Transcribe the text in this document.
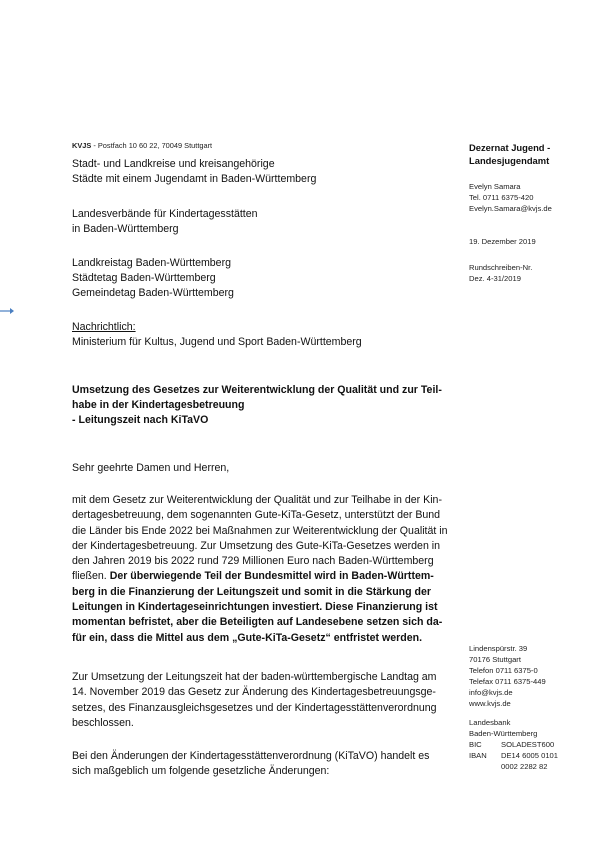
KVJS - Postfach 10 60 22, 70049 Stuttgart
Stadt- und Landkreise und kreisangehörige
Städte mit einem Jugendamt in Baden-Württemberg
Landesverbände für Kindertagesstätten
in Baden-Württemberg
Landkreistag Baden-Württemberg
Städtetag Baden-Württemberg
Gemeindetag Baden-Württemberg
Nachrichtlich:
Ministerium für Kultus, Jugend und Sport Baden-Württemberg
Umsetzung des Gesetzes zur Weiterentwicklung der Qualität und zur Teil-
habe in der Kindertagesbetreuung
- Leitungszeit nach KiTaVO
Sehr geehrte Damen und Herren,
mit dem Gesetz zur Weiterentwicklung der Qualität und zur Teilhabe in der Kin-
dertagesbetreuung, dem sogenannten Gute-KiTa-Gesetz, unterstützt der Bund
die Länder bis Ende 2022 bei Maßnahmen zur Weiterentwicklung der Qualität in
der Kindertagesbetreuung. Zur Umsetzung des Gute-KiTa-Gesetzes werden in
den Jahren 2019 bis 2022 rund 729 Millionen Euro nach Baden-Württemberg
fließen. Der überwiegende Teil der Bundesmittel wird in Baden-Württem-
berg in die Finanzierung der Leitungszeit und somit in die Stärkung der
Leitungen in Kindertageseinrichtungen investiert. Diese Finanzierung ist
momentan befristet, aber die Beteiligten auf Landesebene setzen sich da-
für ein, dass die Mittel aus dem „Gute-KiTa-Gesetz“ entfristet werden.
Zur Umsetzung der Leitungszeit hat der baden-württembergische Landtag am
14. November 2019 das Gesetz zur Änderung des Kindertagesbetreuungsge-
setzes, des Finanzausgleichsgesetzes und der Kindertagesstättenverordnung
beschlossen.
Bei den Änderungen der Kindertagesstättenverordnung (KiTaVO) handelt es
sich maßgeblich um folgende gesetzliche Änderungen:
Dezernat Jugend -
Landesjugendamt
Evelyn Samara
Tel. 0711 6375-420
Evelyn.Samara@kvjs.de
19. Dezember 2019
Rundschreiben-Nr.
Dez. 4-31/2019
Lindenspürstr. 39
70176 Stuttgart
Telefon 0711 6375-0
Telefax 0711 6375-449
info@kvjs.de
www.kvjs.de
Landesbank
Baden-Württemberg
BIC	SOLADEST600
IBAN	DE14 6005 0101
0002 2282 82
